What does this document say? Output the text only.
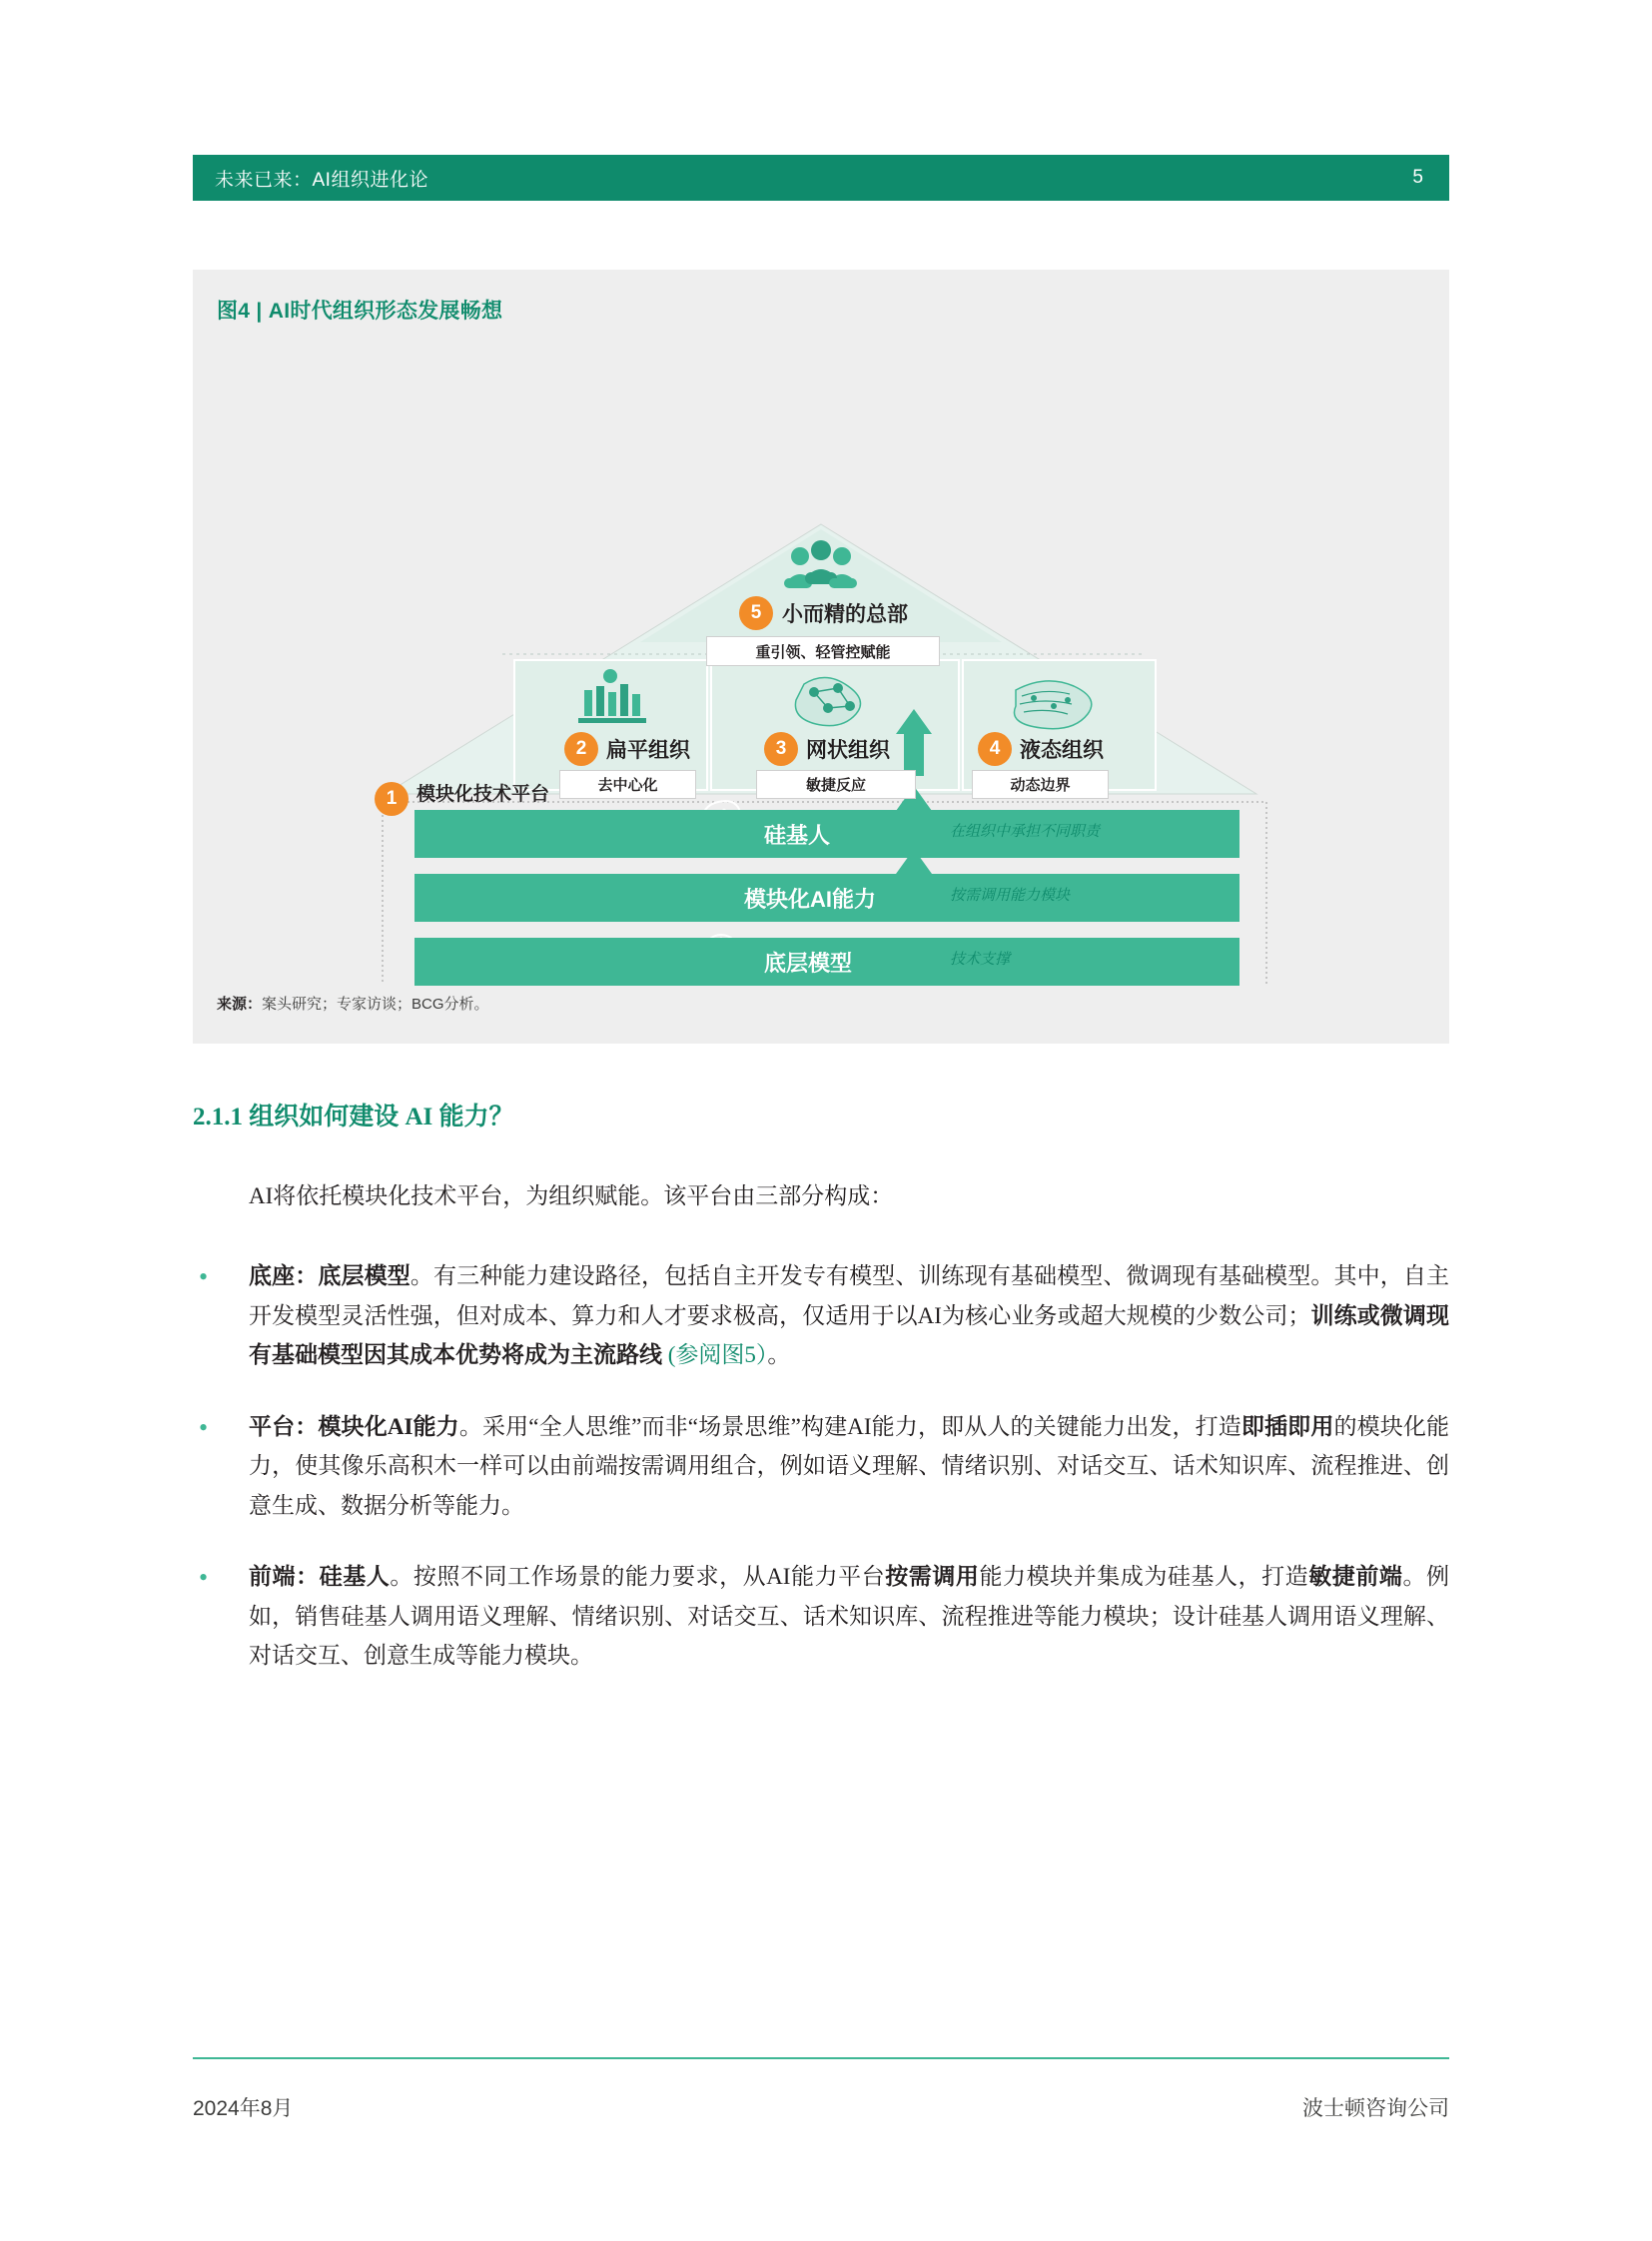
未来已来：AI组织进化论	5
图4 | AI时代组织形态发展畅想
5 小而精的总部
重引领、轻管控赋能
2 扁平组织
去中心化
3 网状组织
敏捷反应
4 液态组织
动态边界
1	模块化技术平台
硅基人	在组织中承担不同职责
模块化AI能力	按需调用能力模块
底层模型	技术支撑
来源：案头研究；专家访谈；BCG分析。
2.1.1 组织如何建设 AI 能力？
AI将依托模块化技术平台，为组织赋能。该平台由三部分构成：
•	底座：底层模型。有三种能力建设路径，包括自主开发专有模型、训练现有基础模型、微调现有基础模型。其中，自主开发模型灵活性强，但对成本、算力和人才要求极高，仅适用于以AI为核心业务或超大规模的少数公司；训练或微调现有基础模型因其成本优势将成为主流路线 (参阅图5）。
•	平台：模块化AI能力。采用“全人思维”而非“场景思维”构建AI能力，即从人的关键能力出发，打造即插即用的模块化能力，使其像乐高积木一样可以由前端按需调用组合，例如语义理解、情绪识别、对话交互、话术知识库、流程推进、创意生成、数据分析等能力。
•	前端：硅基人。按照不同工作场景的能力要求，从AI能力平台按需调用能力模块并集成为硅基人，打造敏捷前端。例如，销售硅基人调用语义理解、情绪识别、对话交互、话术知识库、流程推进等能力模块；设计硅基人调用语义理解、对话交互、创意生成等能力模块。
2024年8月	波士顿咨询公司
